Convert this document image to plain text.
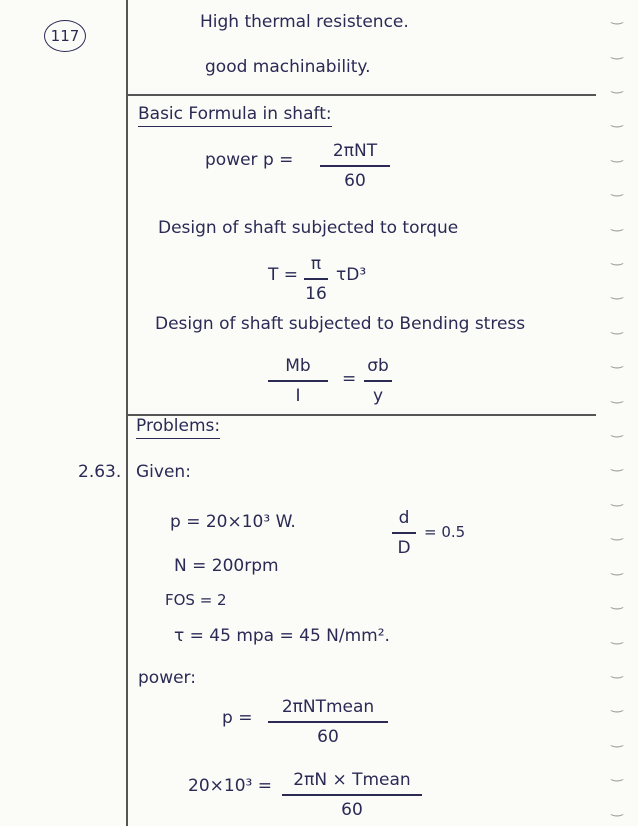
‿
‿
‿
‿
‿
‿
‿
‿
‿
‿
‿
‿
‿
‿
‿
‿
‿
‿
‿
‿
‿
‿
‿
‿
117
High thermal resistence.
good machinability.
Basic Formula in shaft:
power p =	2πNT
60
Design of shaft subjected to torque
T =
π
16
τD³
Design of shaft subjected to Bending stress
Mb
I
=
σb
y
Problems:
2.63. Given:
p = 20×10³ W.	d
D
= 0.5
N = 200rpm
FOS = 2
τ = 45 mpa = 45 N/mm².
power:
p =
2πNTmean
60
20×10³ =	2πN × Tmean
60
